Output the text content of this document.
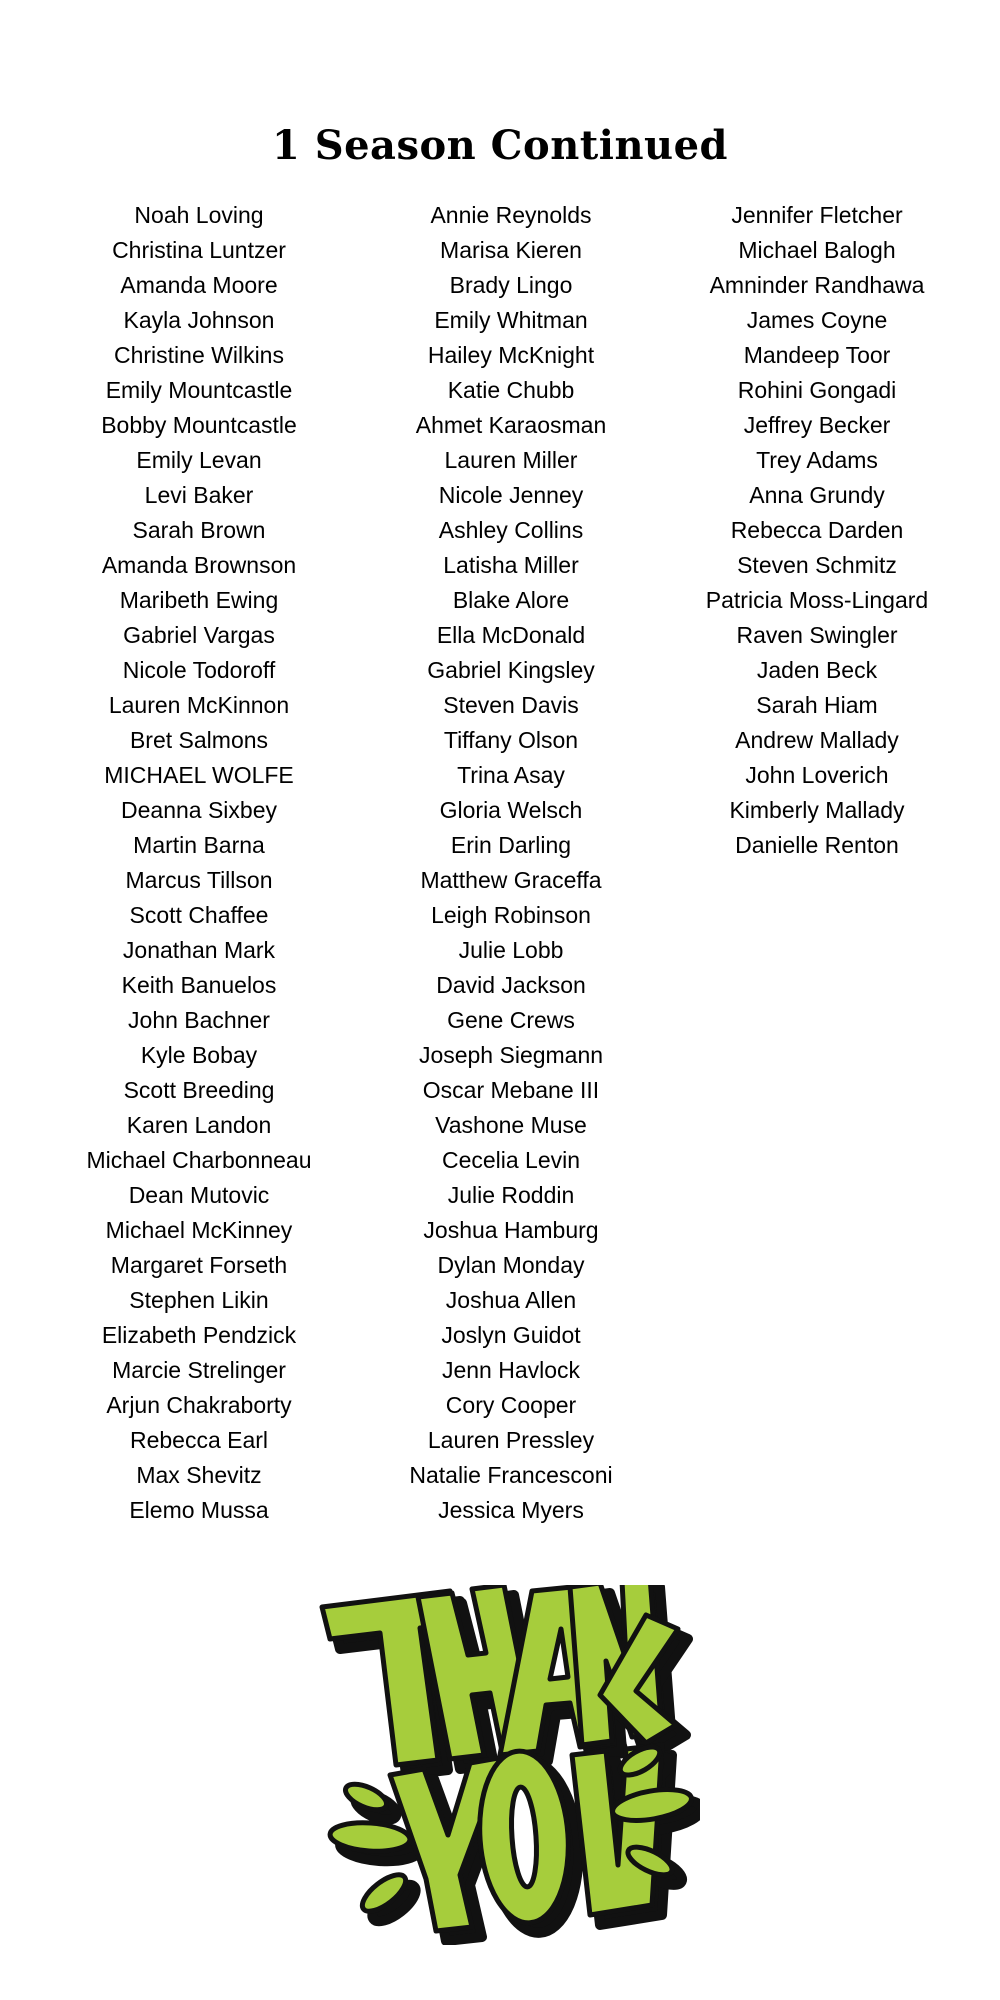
1 Season Continued
Noah Loving
Christina Luntzer
Amanda Moore
Kayla Johnson
Christine Wilkins
Emily Mountcastle
Bobby Mountcastle
Emily Levan
Levi Baker
Sarah Brown
Amanda Brownson
Maribeth Ewing
Gabriel Vargas
Nicole Todoroff
Lauren McKinnon
Bret Salmons
MICHAEL WOLFE
Deanna Sixbey
Martin Barna
Marcus Tillson
Scott Chaffee
Jonathan Mark
Keith Banuelos
John Bachner
Kyle Bobay
Scott Breeding
Karen Landon
Michael Charbonneau
Dean Mutovic
Michael McKinney
Margaret Forseth
Stephen Likin
Elizabeth Pendzick
Marcie Strelinger
Arjun Chakraborty
Rebecca Earl
Max Shevitz
Elemo Mussa
Annie Reynolds
Marisa Kieren
Brady Lingo
Emily Whitman
Hailey McKnight
Katie Chubb
Ahmet Karaosman
Lauren Miller
Nicole Jenney
Ashley Collins
Latisha Miller
Blake Alore
Ella McDonald
Gabriel Kingsley
Steven Davis
Tiffany Olson
Trina Asay
Gloria Welsch
Erin Darling
Matthew Graceffa
Leigh Robinson
Julie Lobb
David Jackson
Gene Crews
Joseph Siegmann
Oscar Mebane III
Vashone Muse
Cecelia Levin
Julie Roddin
Joshua Hamburg
Dylan Monday
Joshua Allen
Joslyn Guidot
Jenn Havlock
Cory Cooper
Lauren Pressley
Natalie Francesconi
Jessica Myers
Jennifer Fletcher
Michael Balogh
Amninder Randhawa
James Coyne
Mandeep Toor
Rohini Gongadi
Jeffrey Becker
Trey Adams
Anna Grundy
Rebecca Darden
Steven Schmitz
Patricia Moss-Lingard
Raven Swingler
Jaden Beck
Sarah Hiam
Andrew Mallady
John Loverich
Kimberly Mallady
Danielle Renton
